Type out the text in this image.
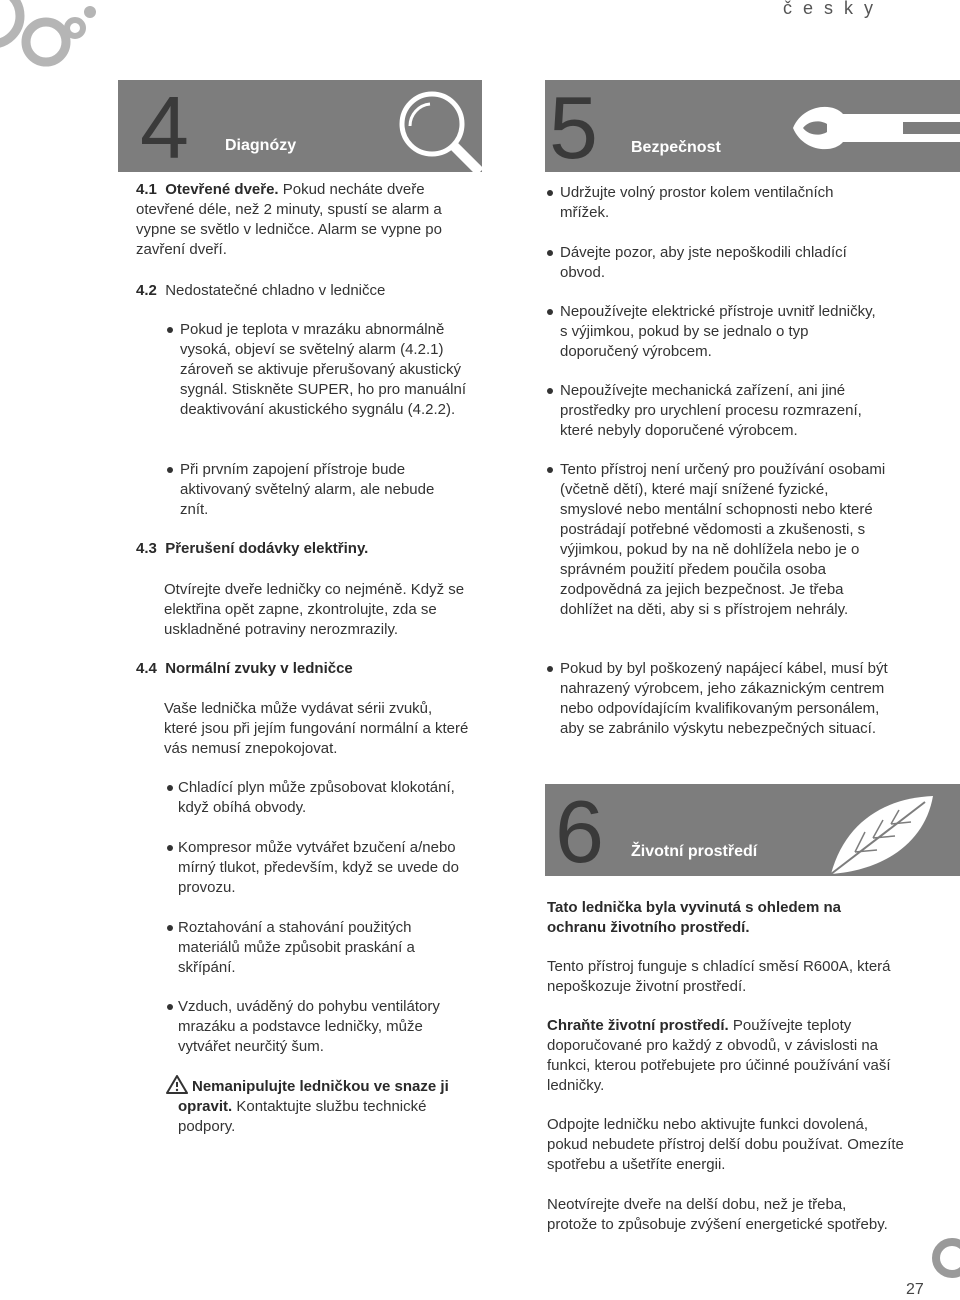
česky
4 Diagnózy	5 Bezpečnost
6 Životní prostředí

4.1 Otevřené dveře. Pokud necháte dveře otevřené déle, než 2 minuty, spustí se alarm a vypne se světlo v ledničce. Alarm se vypne po zavření dveří.

4.2 Nedostatečné chladno v ledničce
Pokud je teplota v mrazáku abnormálně vysoká, objeví se světelný alarm (4.2.1) zároveň se aktivuje přerušovaný akustický sygnál. Stiskněte SUPER, ho pro manuální deaktivování akustického sygnálu (4.2.2).
Při prvním zapojení přístroje bude aktivovaný světelný alarm, ale nebude znít.
4.3 Přerušení dodávky elektřiny.
Otvírejte dveře ledničky co nejméně. Když se elektřina opět zapne, zkontrolujte, zda se uskladněné potraviny nerozmrazily.
4.4 Normální zvuky v ledničce
Vaše lednička může vydávat sérii zvuků, které jsou při jejím fungování normální a které vás nemusí znepokojovat.
Chladící plyn může způsobovat klokotání, když obíhá obvody.
Kompresor může vytvářet bzučení a/nebo mírný tlukot, především, když se uvede do provozu.
Roztahování a stahování použitých materiálů může způsobit praskání a skřípání.
Vzduch, uváděný do pohybu ventilátory mrazáku a podstavce ledničky, může vytvářet neurčitý šum.
Nemanipulujte ledničkou ve snaze ji opravit. Kontaktujte službu technické podpory.
Udržujte volný prostor kolem ventilačních mřížek.
Dávejte pozor, aby jste nepoškodili chladící obvod.
Nepoužívejte elektrické přístroje uvnitř ledničky, s výjimkou, pokud by se jednalo o typ doporučený výrobcem.
Nepoužívejte mechanická zařízení, ani jiné prostředky pro urychlení procesu rozmrazení, které nebyly doporučené výrobcem.
Tento přístroj není určený pro používání osobami (včetně dětí), které mají snížené fyzické, smyslové nebo mentální schopnosti nebo které postrádají potřebné vědomosti a zkušenosti, s výjimkou, pokud by na ně dohlížela nebo je o správném použití předem poučila osoba zodpovědná za jejich bezpečnost. Je třeba dohlížet na děti, aby si s přístrojem nehrály.
Pokud by byl poškozený napájecí kábel, musí být nahrazený výrobcem, jeho zákaznickým centrem nebo odpovídajícím kvalifikovaným personálem, aby se zabránilo výskytu nebezpečných situací.
Tato lednička byla vyvinutá s ohledem na ochranu životního prostředí.
Tento přístroj funguje s chladící směsí R600A, která nepoškozuje životní prostředí.
Chraňte životní prostředí. Používejte teploty doporučované pro každý z obvodů, v závislosti na funkci, kterou potřebujete pro účinné používání vaší ledničky.
Odpojte ledničku nebo aktivujte funkci dovolená, pokud nebudete přístroj delší dobu používat. Omezíte spotřebu a ušetříte energii.
Neotvírejte dveře na delší dobu, než je třeba, protože to způsobuje zvýšení energetické spotřeby.
27
